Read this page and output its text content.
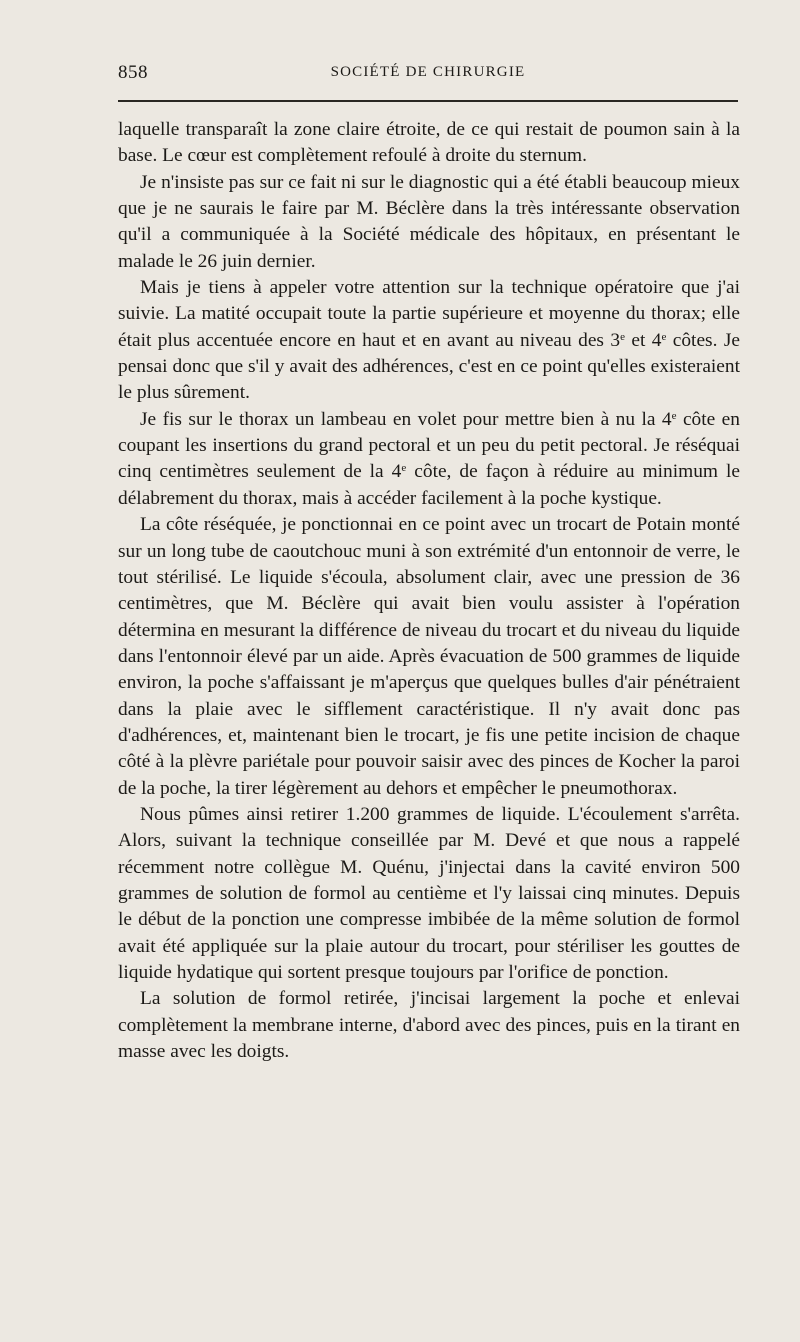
858	SOCIÉTÉ DE CHIRURGIE

laquelle transparaît la zone claire étroite, de ce qui restait de poumon sain à la base. Le cœur est complètement refoulé à droite du sternum.

Je n'insiste pas sur ce fait ni sur le diagnostic qui a été établi beaucoup mieux que je ne saurais le faire par M. Béclère dans la très intéressante observation qu'il a communiquée à la Société médicale des hôpitaux, en présentant le malade le 26 juin dernier.

Mais je tiens à appeler votre attention sur la technique opératoire que j'ai suivie. La matité occupait toute la partie supérieure et moyenne du thorax; elle était plus accentuée encore en haut et en avant au niveau des 3e et 4e côtes. Je pensai donc que s'il y avait des adhérences, c'est en ce point qu'elles existeraient le plus sûrement.

Je fis sur le thorax un lambeau en volet pour mettre bien à nu la 4e côte en coupant les insertions du grand pectoral et un peu du petit pectoral. Je réséquai cinq centimètres seulement de la 4e côte, de façon à réduire au minimum le délabrement du thorax, mais à accéder facilement à la poche kystique.

La côte réséquée, je ponctionnai en ce point avec un trocart de Potain monté sur un long tube de caoutchouc muni à son extrémité d'un entonnoir de verre, le tout stérilisé. Le liquide s'écoula, absolument clair, avec une pression de 36 centimètres, que M. Béclère qui avait bien voulu assister à l'opération détermina en mesurant la différence de niveau du trocart et du niveau du liquide dans l'entonnoir élevé par un aide. Après évacuation de 500 grammes de liquide environ, la poche s'affaissant je m'aperçus que quelques bulles d'air pénétraient dans la plaie avec le sifflement caractéristique. Il n'y avait donc pas d'adhérences, et, maintenant bien le trocart, je fis une petite incision de chaque côté à la plèvre pariétale pour pouvoir saisir avec des pinces de Kocher la paroi de la poche, la tirer légèrement au dehors et empêcher le pneumothorax.

Nous pûmes ainsi retirer 1.200 grammes de liquide. L'écoulement s'arrêta. Alors, suivant la technique conseillée par M. Devé et que nous a rappelé récemment notre collègue M. Quénu, j'injectai dans la cavité environ 500 grammes de solution de formol au centième et l'y laissai cinq minutes. Depuis le début de la ponction une compresse imbibée de la même solution de formol avait été appliquée sur la plaie autour du trocart, pour stériliser les gouttes de liquide hydatique qui sortent presque toujours par l'orifice de ponction.

La solution de formol retirée, j'incisai largement la poche et enlevai complètement la membrane interne, d'abord avec des pinces, puis en la tirant en masse avec les doigts.
